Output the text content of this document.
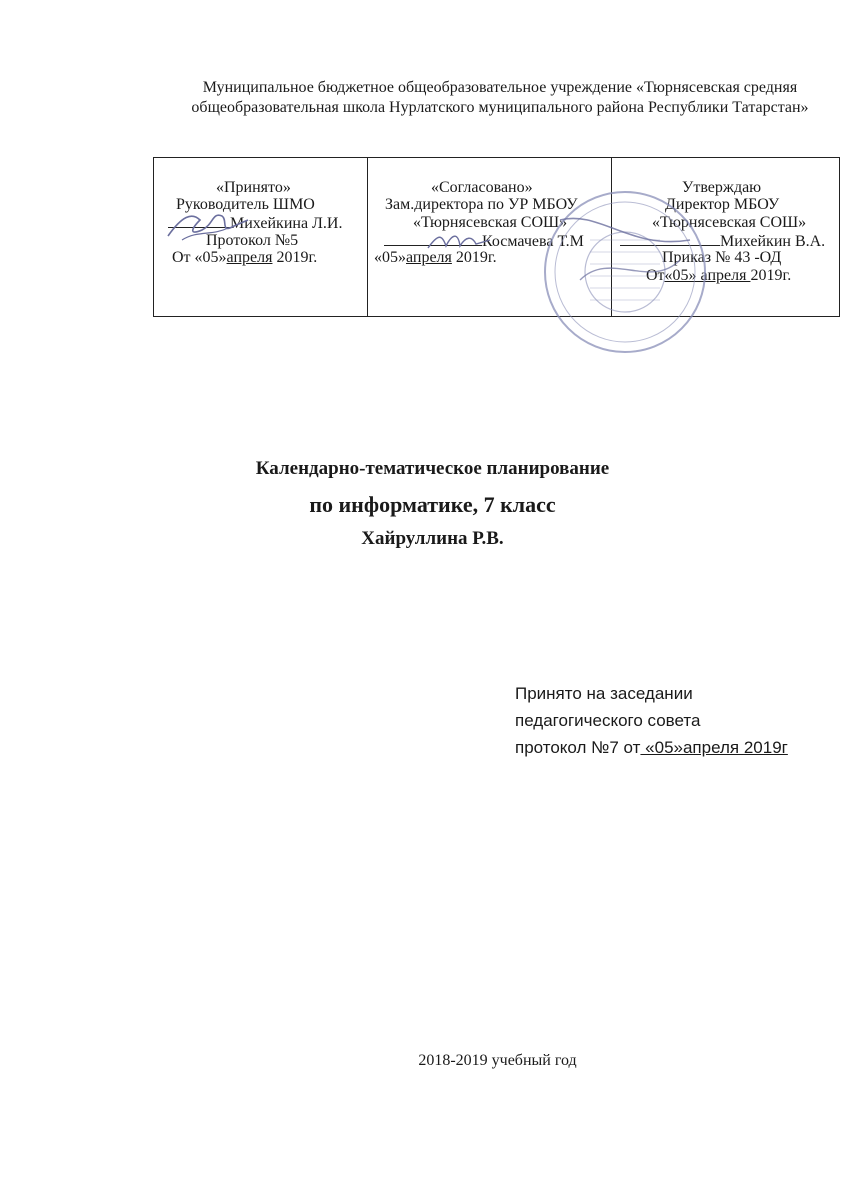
Муниципальное бюджетное общеобразовательное учреждение «Тюрнясевская средняя
общеобразовательная школа Нурлатского муниципального района Республики Татарстан»
«Принято»
Руководитель ШМО
Михейкина Л.И.
Протокол №5
От «05»апреля 2019г.
«Согласовано»
Зам.директора по УР МБОУ
«Тюрнясевская СОШ»
Космачева Т.М
«05»апреля 2019г.
Утверждаю
Директор МБОУ
«Тюрнясевская СОШ»
Михейкин В.А.
Приказ № 43 -ОД
От«05» апреля 2019г.
Календарно-тематическое планирование
по информатике, 7 класс
Хайруллина Р.В.
Принято на заседании
педагогического совета
протокол №7 от «05»апреля 2019г
2018-2019 учебный год
